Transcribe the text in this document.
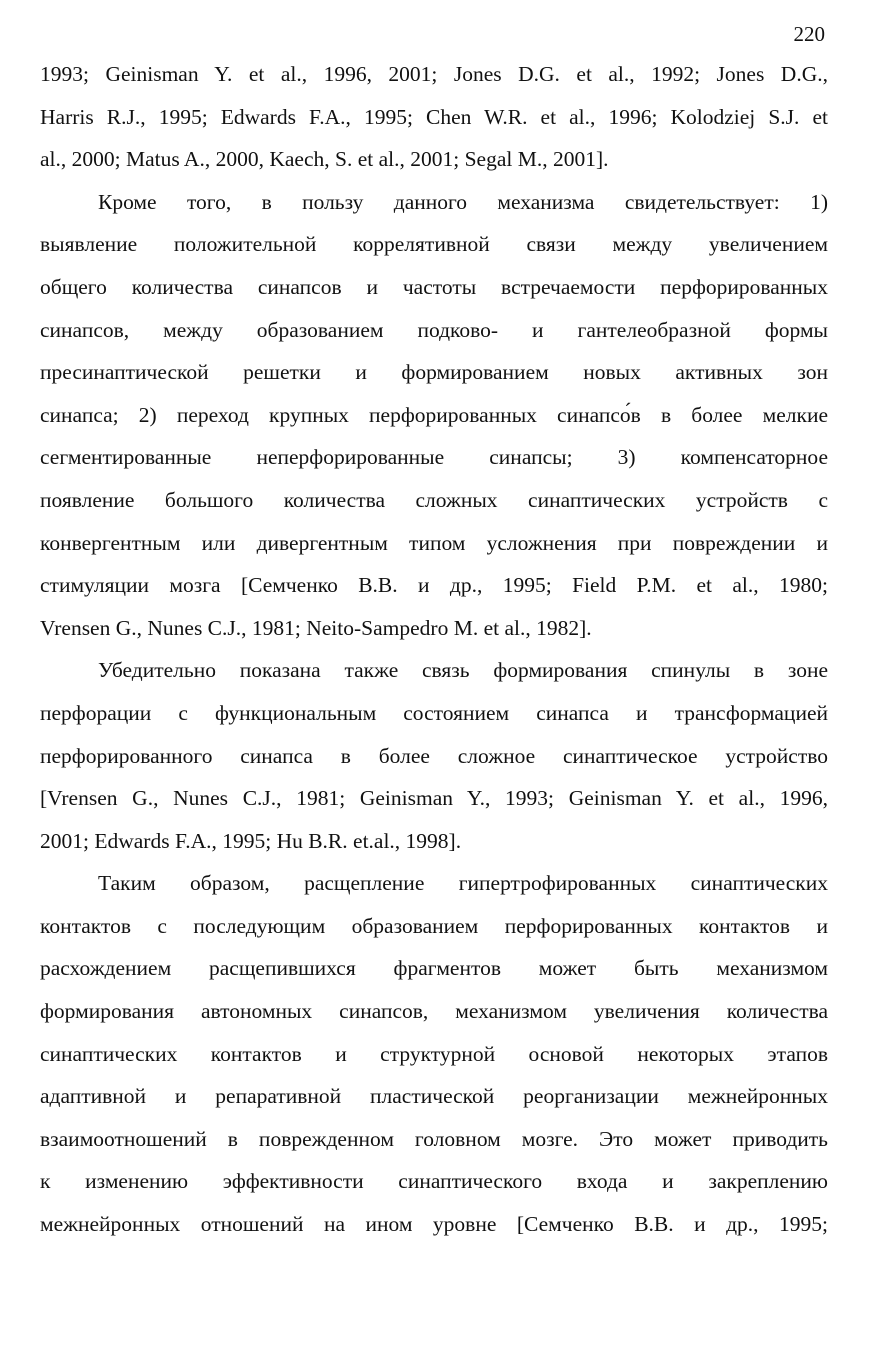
220
1993; Geinisman Y. et al., 1996, 2001; Jones D.G. et al., 1992; Jones D.G.,
Harris R.J., 1995; Edwards F.A., 1995; Chen W.R. et al., 1996; Kolodziej S.J. et
al., 2000; Matus A., 2000, Kaech, S. et al., 2001; Segal M., 2001].
Кроме того, в пользу данного механизма свидетельствует: 1)
выявление положительной коррелятивной связи между увеличением
общего количества синапсов и частоты встречаемости перфорированных
синапсов, между образованием подково- и гантелеобразной формы
пресинаптической решетки и формированием новых активных зон
синапса; 2) переход крупных перфорированных синапсо́в в более мелкие
сегментированные неперфорированные синапсы; 3) компенсаторное
появление большого количества сложных синаптических устройств с
конвергентным или дивергентным типом усложнения при повреждении и
стимуляции мозга [Семченко В.В. и др., 1995; Field P.M. et al., 1980;
Vrensen G., Nunes C.J., 1981; Neito-Sampedro M. et al., 1982].
Убедительно показана также связь формирования спинулы в зоне
перфорации с функциональным состоянием синапса и трансформацией
перфорированного синапса в более сложное синаптическое устройство
[Vrensen G., Nunes C.J., 1981; Geinisman Y., 1993; Geinisman Y. et al., 1996,
2001; Edwards F.A., 1995; Hu B.R. et.al., 1998].
Таким образом, расщепление гипертрофированных синаптических
контактов с последующим образованием перфорированных контактов и
расхождением расщепившихся фрагментов может быть механизмом
формирования автономных синапсов, механизмом увеличения количества
синаптических контактов и структурной основой некоторых этапов
адаптивной и репаративной пластической реорганизации межнейронных
взаимоотношений в поврежденном головном мозге. Это может приводить
к изменению эффективности синаптического входа и закреплению
межнейронных отношений на ином уровне [Семченко В.В. и др., 1995;
